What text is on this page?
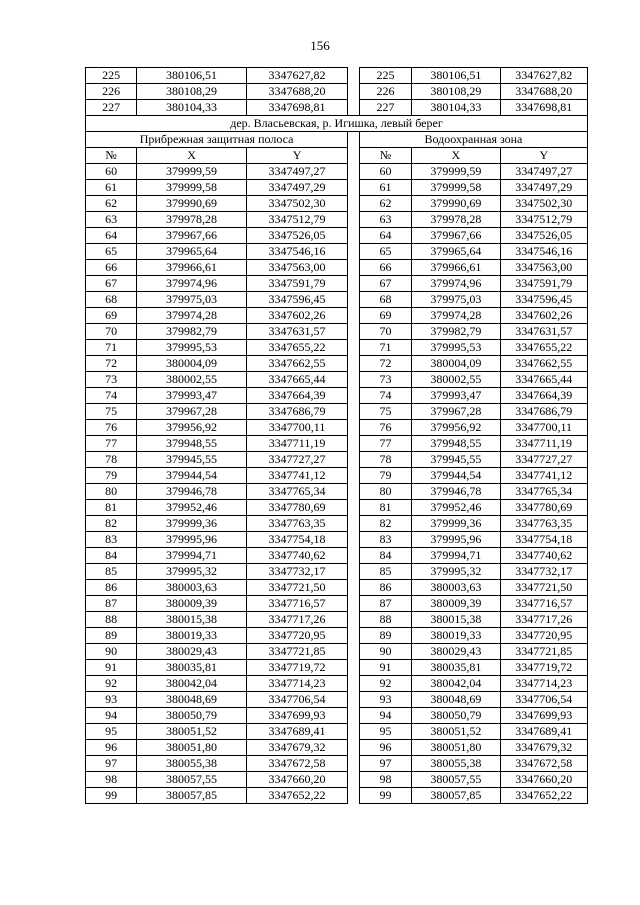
156
225	380106,51	3347627,82		225	380106,51	3347627,82
226	380108,29	3347688,20		226	380108,29	3347688,20
227	380104,33	3347698,81		227	380104,33	3347698,81
дер. Власьевская, р. Игишка, левый берег						
Прибрежная защитная полоса				Водоохранная зона		
№	X	Y		№	X	Y
60	379999,59	3347497,27		60	379999,59	3347497,27
61	379999,58	3347497,29		61	379999,58	3347497,29
62	379990,69	3347502,30		62	379990,69	3347502,30
63	379978,28	3347512,79		63	379978,28	3347512,79
64	379967,66	3347526,05		64	379967,66	3347526,05
65	379965,64	3347546,16		65	379965,64	3347546,16
66	379966,61	3347563,00		66	379966,61	3347563,00
67	379974,96	3347591,79		67	379974,96	3347591,79
68	379975,03	3347596,45		68	379975,03	3347596,45
69	379974,28	3347602,26		69	379974,28	3347602,26
70	379982,79	3347631,57		70	379982,79	3347631,57
71	379995,53	3347655,22		71	379995,53	3347655,22
72	380004,09	3347662,55		72	380004,09	3347662,55
73	380002,55	3347665,44		73	380002,55	3347665,44
74	379993,47	3347664,39		74	379993,47	3347664,39
75	379967,28	3347686,79		75	379967,28	3347686,79
76	379956,92	3347700,11		76	379956,92	3347700,11
77	379948,55	3347711,19		77	379948,55	3347711,19
78	379945,55	3347727,27		78	379945,55	3347727,27
79	379944,54	3347741,12		79	379944,54	3347741,12
80	379946,78	3347765,34		80	379946,78	3347765,34
81	379952,46	3347780,69		81	379952,46	3347780,69
82	379999,36	3347763,35		82	379999,36	3347763,35
83	379995,96	3347754,18		83	379995,96	3347754,18
84	379994,71	3347740,62		84	379994,71	3347740,62
85	379995,32	3347732,17		85	379995,32	3347732,17
86	380003,63	3347721,50		86	380003,63	3347721,50
87	380009,39	3347716,57		87	380009,39	3347716,57
88	380015,38	3347717,26		88	380015,38	3347717,26
89	380019,33	3347720,95		89	380019,33	3347720,95
90	380029,43	3347721,85		90	380029,43	3347721,85
91	380035,81	3347719,72		91	380035,81	3347719,72
92	380042,04	3347714,23		92	380042,04	3347714,23
93	380048,69	3347706,54		93	380048,69	3347706,54
94	380050,79	3347699,93		94	380050,79	3347699,93
95	380051,52	3347689,41		95	380051,52	3347689,41
96	380051,80	3347679,32		96	380051,80	3347679,32
97	380055,38	3347672,58		97	380055,38	3347672,58
98	380057,55	3347660,20		98	380057,55	3347660,20
99	380057,85	3347652,22		99	380057,85	3347652,22
